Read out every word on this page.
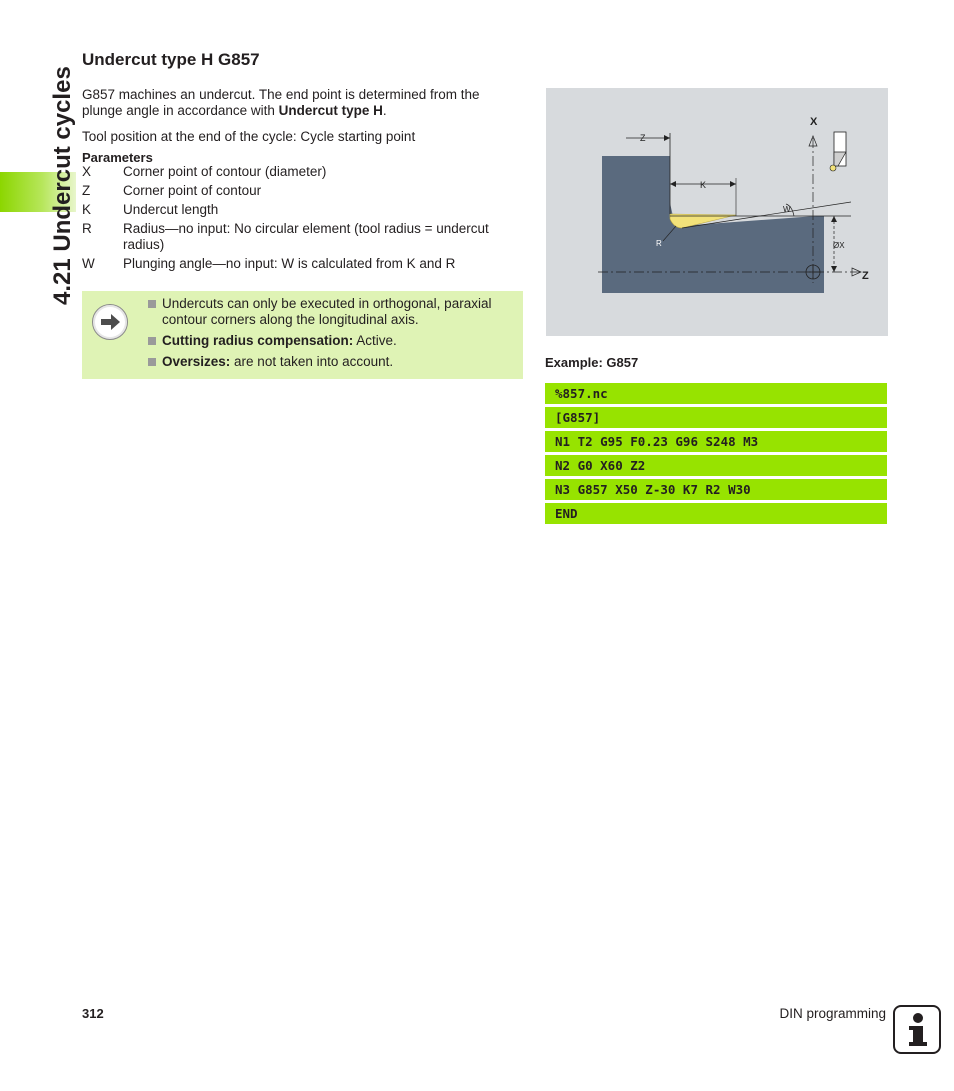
4.21 Undercut cycles
Undercut type H G857

G857 machines an undercut. The end point is determined from the plunge angle in accordance with Undercut type H.

Tool position at the end of the cycle: Cycle starting point

Parameters
X	Corner point of contour (diameter)
Z	Corner point of contour
K	Undercut length
R	Radius—no input: No circular element (tool radius = undercut radius)
W	Plunging angle—no input: W is calculated from K and R
Undercuts can only be executed in orthogonal, paraxial contour corners along the longitudinal axis.
Cutting radius compensation: Active.
Oversizes: are not taken into account.
X
Z
Z
K
W
R	ØX
Example: G857
%857.nc
[G857]
N1 T2 G95 F0.23 G96 S248 M3
N2 G0 X60 Z2
N3 G857 X50 Z-30 K7 R2 W30
END
312	DIN programming
